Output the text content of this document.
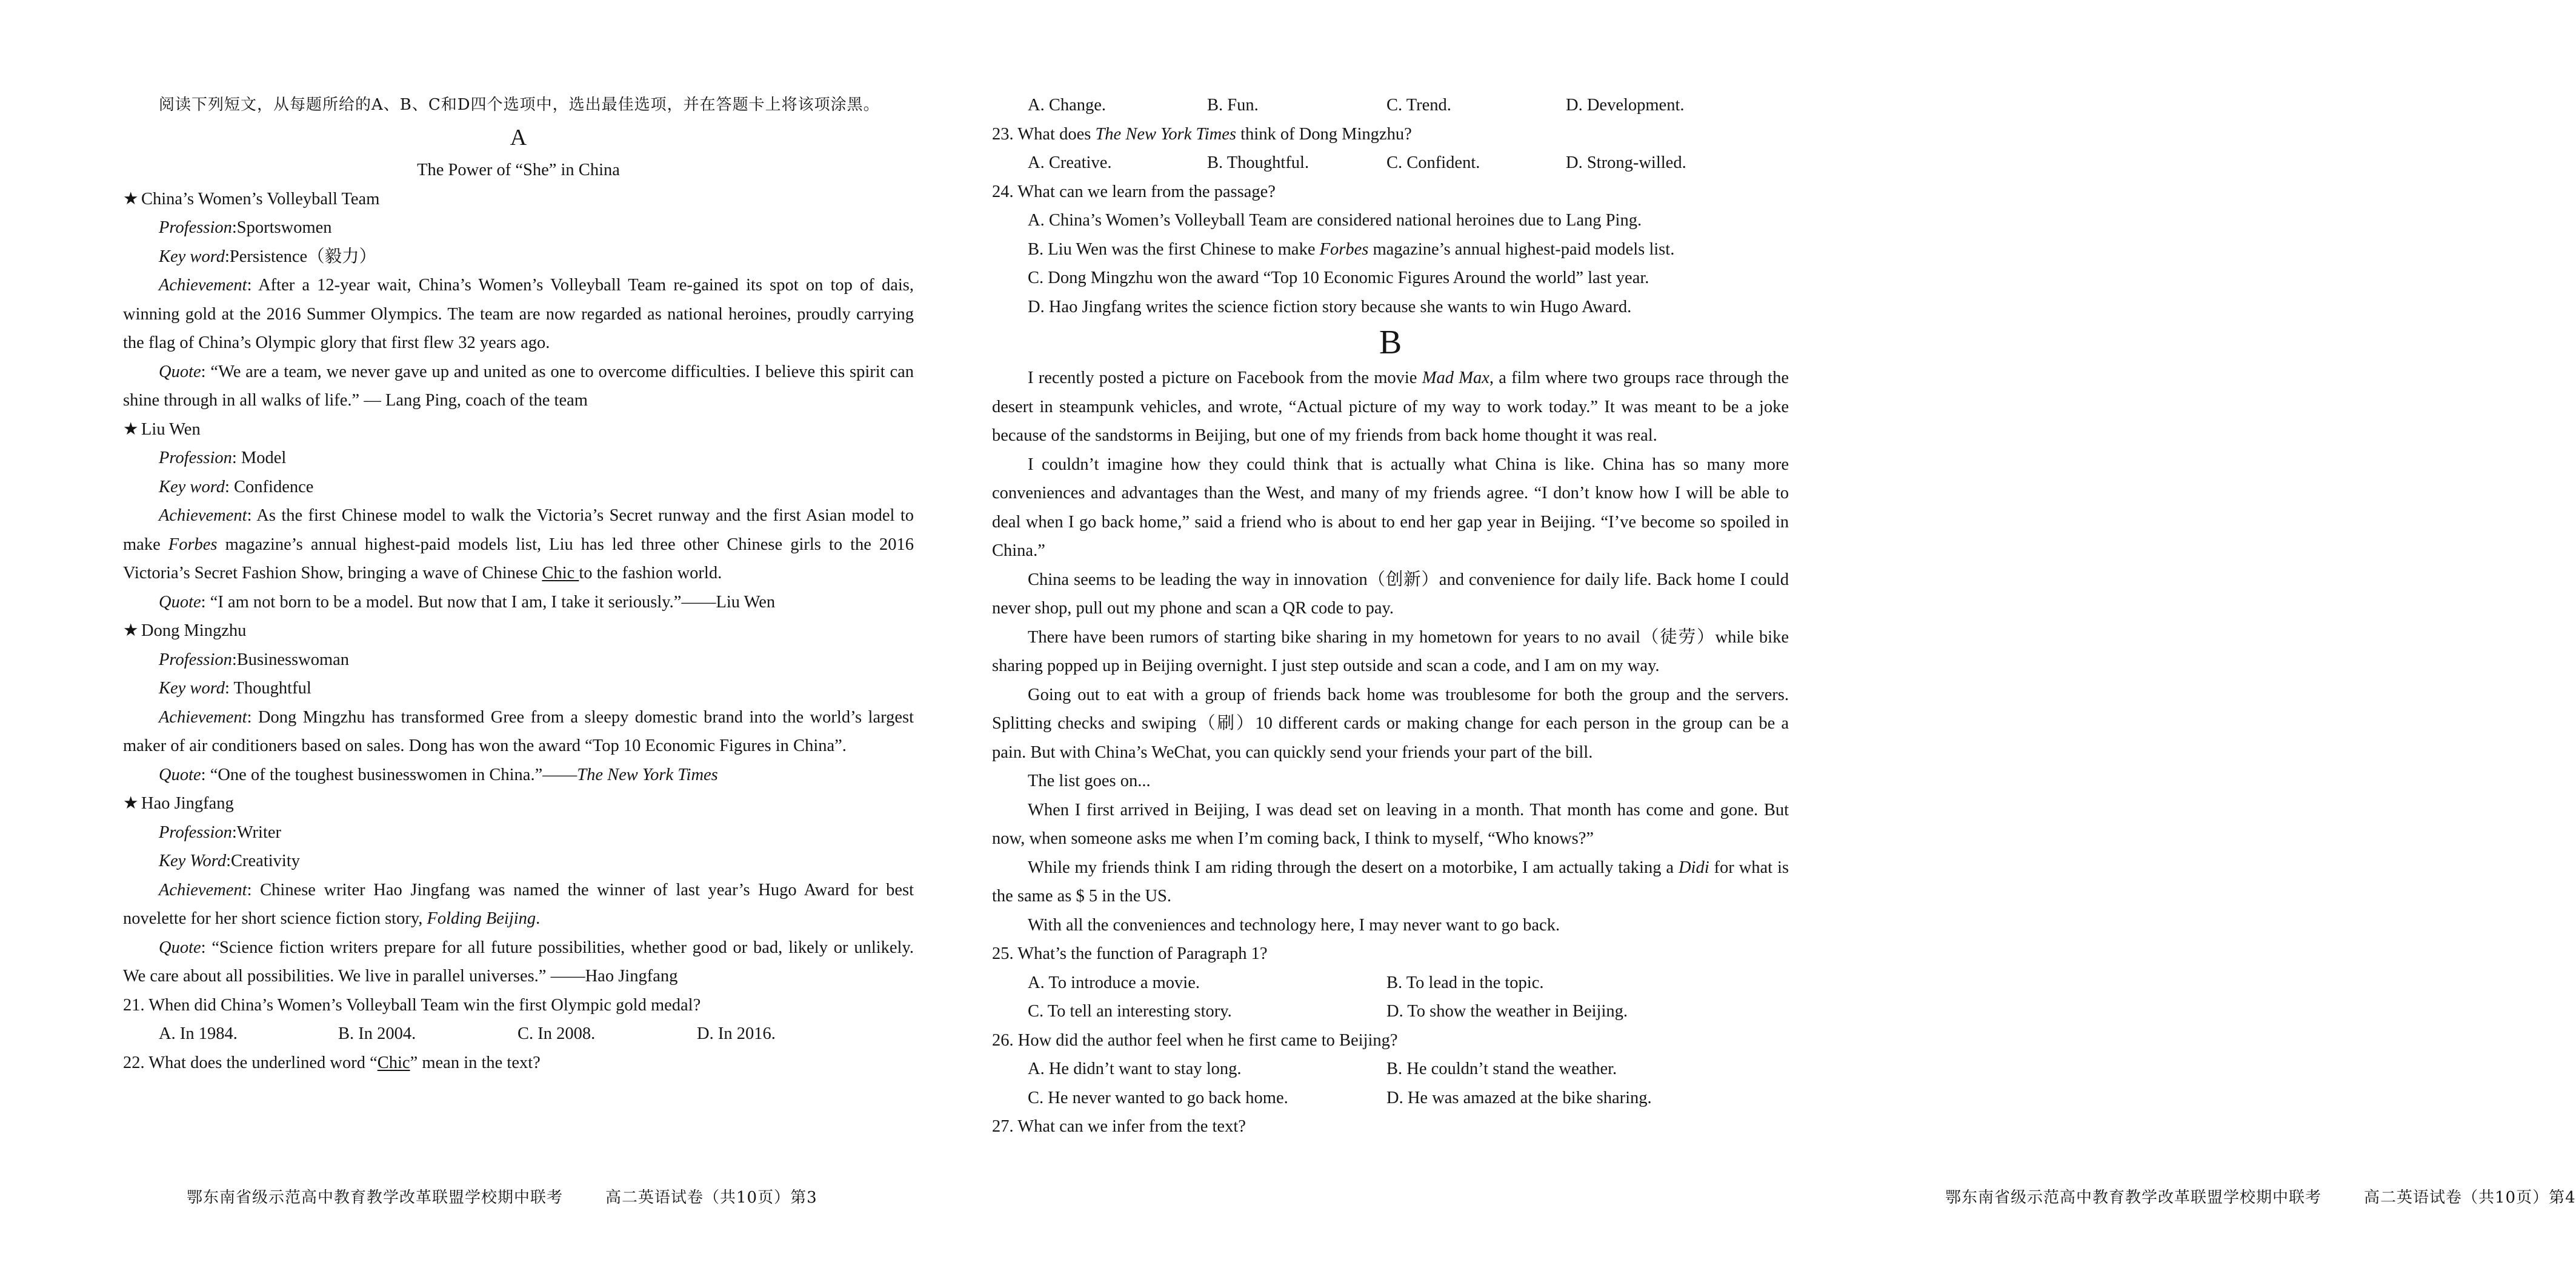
阅读下列短文，从每题所给的A、B、C和D四个选项中，选出最佳选项，并在答题卡上将该项涂黑。

A

The Power of “She” in China

★ China’s Women’s Volleyball Team

Profession:Sportswomen

Key word:Persistence（毅力）

Achievement: After a 12-year wait, China’s Women’s Volleyball Team re-gained its spot on top of dais, winning gold at the 2016 Summer Olympics. The team are now regarded as national heroines, proudly carrying the flag of China’s Olympic glory that first flew 32 years ago.

Quote: “We are a team, we never gave up and united as one to overcome difficulties. I believe this spirit can shine through in all walks of life.” — Lang Ping, coach of the team

★ Liu Wen

Profession: Model

Key word: Confidence

Achievement: As the first Chinese model to walk the Victoria’s Secret runway and the first Asian model to make Forbes magazine’s annual highest-paid models list, Liu has led three other Chinese girls to the 2016 Victoria’s Secret Fashion Show, bringing a wave of Chinese Chic to the fashion world.

Quote: “I am not born to be a model. But now that I am, I take it seriously.”——Liu Wen

★ Dong Mingzhu

Profession:Businesswoman

Key word: Thoughtful

Achievement: Dong Mingzhu has transformed Gree from a sleepy domestic brand into the world’s largest maker of air conditioners based on sales. Dong has won the award “Top 10 Economic Figures in China”.

Quote: “One of the toughest businesswomen in China.”——The New York Times

★ Hao Jingfang

Profession:Writer

Key Word:Creativity

Achievement: Chinese writer Hao Jingfang was named the winner of last year’s Hugo Award for best novelette for her short science fiction story, Folding Beijing.

Quote: “Science fiction writers prepare for all future possibilities, whether good or bad, likely or unlikely. We care about all possibilities. We live in parallel universes.” ——Hao Jingfang

21. When did China’s Women’s Volleyball Team win the first Olympic gold medal?

A. In 1984.	B. In 2004.	C. In 2008.	D. In 2016.

22. What does the underlined word “Chic” mean in the text?

鄂东南省级示范高中教育教学改革联盟学校期中联考	高二英语试卷（共10页）第3
A. Change.	B. Fun.	C. Trend.	D. Development.

23. What does The New York Times think of Dong Mingzhu?

A. Creative.	B. Thoughtful.	C. Confident.	D. Strong-willed.

24. What can we learn from the passage?

A. China’s Women’s Volleyball Team are considered national heroines due to Lang Ping.

B. Liu Wen was the first Chinese to make Forbes magazine’s annual highest-paid models list.

C. Dong Mingzhu won the award “Top 10 Economic Figures Around the world” last year.

D. Hao Jingfang writes the science fiction story because she wants to win Hugo Award.

B

I recently posted a picture on Facebook from the movie Mad Max, a film where two groups race through the desert in steampunk vehicles, and wrote, “Actual picture of my way to work today.” It was meant to be a joke because of the sandstorms in Beijing, but one of my friends from back home thought it was real.

I couldn’t imagine how they could think that is actually what China is like. China has so many more conveniences and advantages than the West, and many of my friends agree. “I don’t know how I will be able to deal when I go back home,” said a friend who is about to end her gap year in Beijing. “I’ve become so spoiled in China.”

China seems to be leading the way in innovation（创新）and convenience for daily life. Back home I could never shop, pull out my phone and scan a QR code to pay.

There have been rumors of starting bike sharing in my hometown for years to no avail（徒劳）while bike sharing popped up in Beijing overnight. I just step outside and scan a code, and I am on my way.

Going out to eat with a group of friends back home was troublesome for both the group and the servers. Splitting checks and swiping（刷）10 different cards or making change for each person in the group can be a pain. But with China’s WeChat, you can quickly send your friends your part of the bill.

The list goes on...

When I first arrived in Beijing, I was dead set on leaving in a month. That month has come and gone. But now, when someone asks me when I’m coming back, I think to myself, “Who knows?”

While my friends think I am riding through the desert on a motorbike, I am actually taking a Didi for what is the same as $ 5 in the US.

With all the conveniences and technology here, I may never want to go back.

25. What’s the function of Paragraph 1?

A. To introduce a movie.	B. To lead in the topic.
C. To tell an interesting story.	D. To show the weather in Beijing.

26. How did the author feel when he first came to Beijing?

A. He didn’t want to stay long.	B. He couldn’t stand the weather.
C. He never wanted to go back home.	D. He was amazed at the bike sharing.

27. What can we infer from the text?

鄂东南省级示范高中教育教学改革联盟学校期中联考	高二英语试卷（共10页）第4
